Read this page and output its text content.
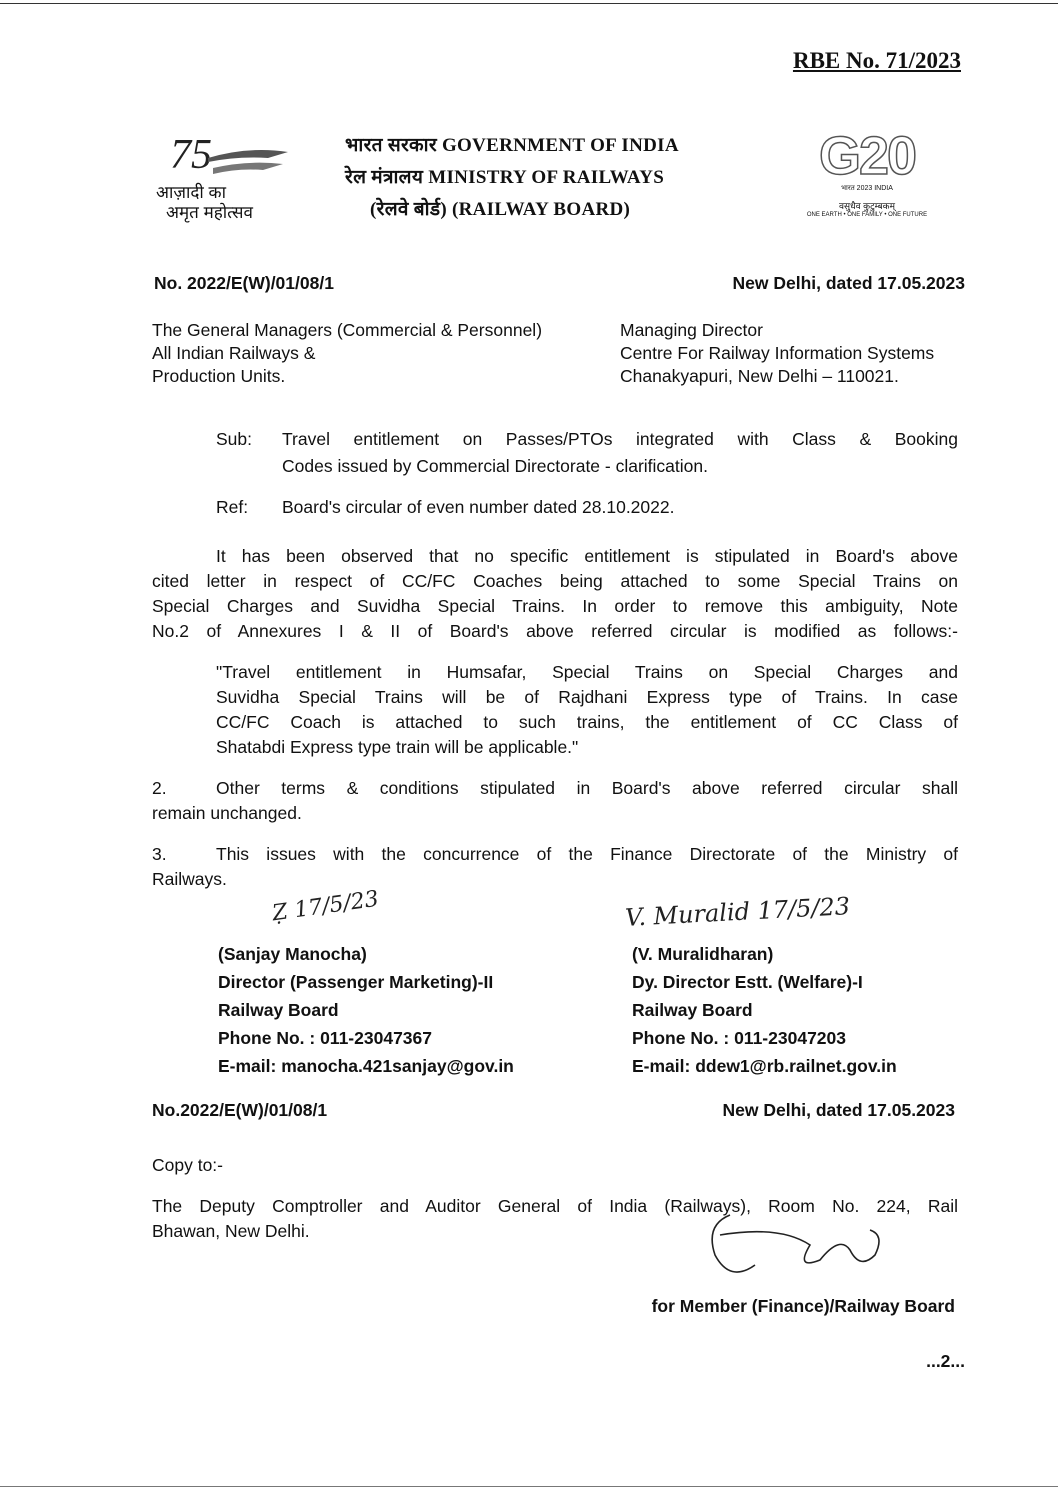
RBE No. 71/2023
75
आज़ादी का
अमृत महोत्सव
भारत सरकार GOVERNMENT OF INDIA
रेल मंत्रालय MINISTRY OF RAILWAYS
(रेलवे बोर्ड) (RAILWAY BOARD)
G20
भारत 2023 INDIA
वसुधैव कुटुम्बकम्
ONE EARTH • ONE FAMILY • ONE FUTURE
No. 2022/E(W)/01/08/1	New Delhi, dated 17.05.2023
The General Managers (Commercial & Personnel)
All Indian Railways &
Production Units.
Managing Director
Centre For Railway Information Systems
Chanakyapuri, New Delhi – 110021.
Sub: Travel entitlement on Passes/PTOs integrated with Class & Booking
Codes issued by Commercial Directorate - clarification.
Ref: Board's circular of even number dated 28.10.2022.
It has been observed that no specific entitlement is stipulated in Board's above
cited letter in respect of CC/FC Coaches being attached to some Special Trains on
Special Charges and Suvidha Special Trains. In order to remove this ambiguity, Note
No.2 of Annexures I & II of Board's above referred circular is modified as follows:-
"Travel entitlement in Humsafar, Special Trains on Special Charges and
Suvidha Special Trains will be of Rajdhani Express type of Trains. In case
CC/FC Coach is attached to such trains, the entitlement of CC Class of
Shatabdi Express type train will be applicable."
2.	Other terms & conditions stipulated in Board's above referred circular shall
remain unchanged.
3.	This issues with the concurrence of the Finance Directorate of the Ministry of
Railways.
Ẓ 17/5/23	V. Muralid 17/5/23
(Sanjay Manocha)
Director (Passenger Marketing)-II
Railway Board
Phone No. : 011-23047367
E-mail: manocha.421sanjay@gov.in
(V. Muralidharan)
Dy. Director Estt. (Welfare)-I
Railway Board
Phone No. : 011-23047203
E-mail: ddew1@rb.railnet.gov.in
No.2022/E(W)/01/08/1	New Delhi, dated 17.05.2023
Copy to:-
The Deputy Comptroller and Auditor General of India (Railways), Room No. 224, Rail
Bhawan, New Delhi.
for Member (Finance)/Railway Board
...2...
